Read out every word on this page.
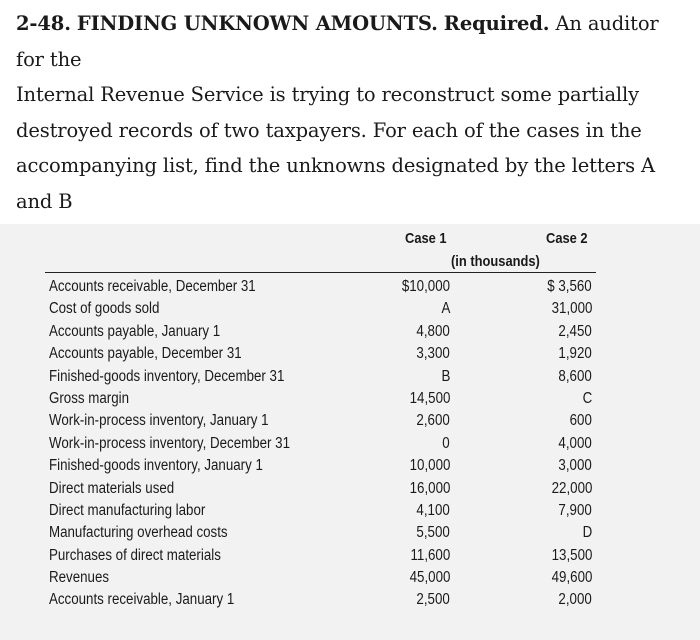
2-48. FINDING UNKNOWN AMOUNTS. Required. An auditor for the
Internal Revenue Service is trying to reconstruct some partially
destroyed records of two taxpayers. For each of the cases in the
accompanying list, find the unknowns designated by the letters A and B

Case 1	Case 2
(in thousands)
Accounts receivable, December 31	$10,000	$ 3,560
Cost of goods sold	A	31,000
Accounts payable, January 1	4,800	2,450
Accounts payable, December 31	3,300	1,920
Finished-goods inventory, December 31	B	8,600
Gross margin	14,500	C
Work-in-process inventory, January 1	2,600	600
Work-in-process inventory, December 31	0	4,000
Finished-goods inventory, January 1	10,000	3,000
Direct materials used	16,000	22,000
Direct manufacturing labor	4,100	7,900
Manufacturing overhead costs	5,500	D
Purchases of direct materials	11,600	13,500
Revenues	45,000	49,600
Accounts receivable, January 1	2,500	2,000
